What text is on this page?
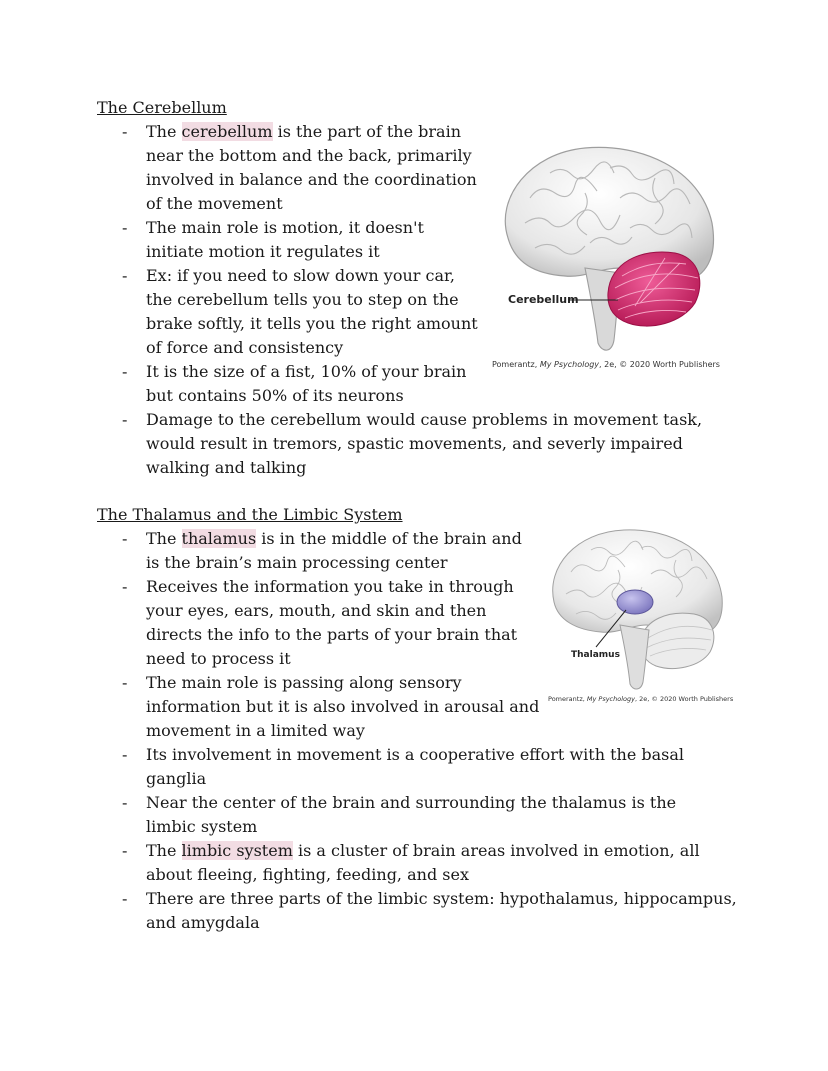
The Cerebellum
- The cerebellum is the part of the brain near the bottom and the back, primarily involved in balance and the coordination of the movement
- The main role is motion, it doesn't initiate motion it regulates it
- Ex: if you need to slow down your car, the cerebellum tells you to step on the brake softly, it tells you the right amount of force and consistency
- It is the size of a fist, 10% of your brain but contains 50% of its neurons
- Damage to the cerebellum would cause problems in movement task, would result in tremors, spastic movements, and severly impaired walking and talking
Cerebellum
Pomerantz, My Psychology, 2e, © 2020 Worth Publishers
The Thalamus and the Limbic System
- The thalamus is in the middle of the brain and is the brain’s main processing center
- Receives the information you take in through your eyes, ears, mouth, and skin and then directs the info to the parts of your brain that need to process it
- The main role is passing along sensory information but it is also involved in arousal and movement in a limited way
- Its involvement in movement is a cooperative effort with the basal ganglia
- Near the center of the brain and surrounding the thalamus is the limbic system
- The limbic system is a cluster of brain areas involved in emotion, all about fleeing, fighting, feeding, and sex
- There are three parts of the limbic system: hypothalamus, hippocampus, and amygdala
Thalamus
Pomerantz, My Psychology, 2e, © 2020 Worth Publishers
